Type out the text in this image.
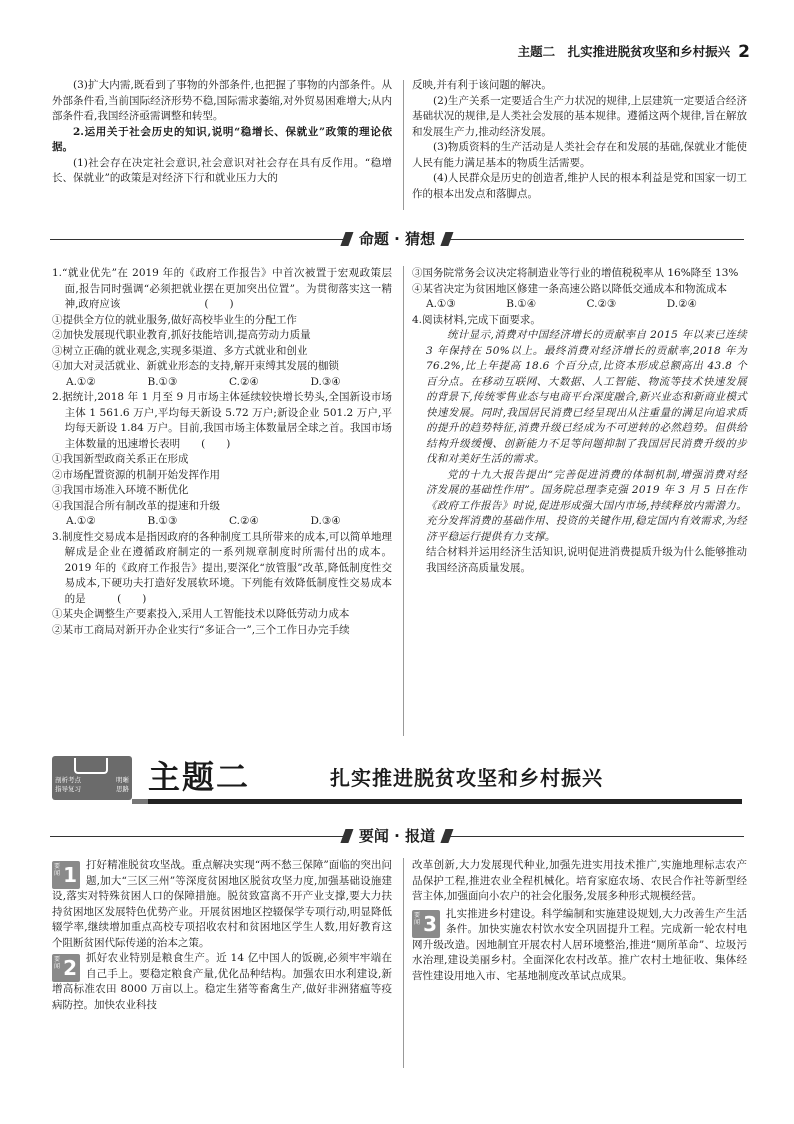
主题二　扎实推进脱贫攻坚和乡村振兴 2

(3)扩大内需,既看到了事物的外部条件,也把握了事物的内部条件。从外部条件看,当前国际经济形势不稳,国际需求萎缩,对外贸易困难增大;从内部条件看,我国经济亟需调整和转型。

2.运用关于社会历史的知识,说明“稳增长、保就业”政策的理论依据。

(1)社会存在决定社会意识,社会意识对社会存在具有反作用。“稳增长、保就业”的政策是对经济下行和就业压力大的

反映,并有利于该问题的解决。

(2)生产关系一定要适合生产力状况的规律,上层建筑一定要适合经济基础状况的规律,是人类社会发展的基本规律。遵循这两个规律,旨在解放和发展生产力,推动经济发展。

(3)物质资料的生产活动是人类社会存在和发展的基础,保就业才能使人民有能力满足基本的物质生活需要。

(4)人民群众是历史的创造者,维护人民的根本利益是党和国家一切工作的根本出发点和落脚点。

命题 · 猜想

1.“就业优先”在 2019 年的《政府工作报告》中首次被置于宏观政策层面,报告同时强调“必须把就业摆在更加突出位置”。为贯彻落实这一精神,政府应该　　　　　　　　(　　)

①提供全方位的就业服务,做好高校毕业生的分配工作

②加快发展现代职业教育,抓好技能培训,提高劳动力质量

③树立正确的就业观念,实现多渠道、多方式就业和创业

④加大对灵活就业、新就业形态的支持,解开束缚其发展的枷锁

A.①②	B.①③	C.②④	D.③④

2.据统计,2018 年 1 月至 9 月市场主体延续较快增长势头,全国新设市场主体 1 561.6 万户,平均每天新设 5.72 万户;新设企业 501.2 万户,平均每天新设 1.84 万户。目前,我国市场主体数量居全球之首。我国市场主体数量的迅速增长表明　　(　　)

①我国新型政商关系正在形成

②市场配置资源的机制开始发挥作用

③我国市场准入环境不断优化

④我国混合所有制改革的提速和升级

A.①②	B.①③	C.②④	D.③④

3.制度性交易成本是指因政府的各种制度工具所带来的成本,可以简单地理解成是企业在遵循政府制定的一系列规章制度时所需付出的成本。2019 年的《政府工作报告》提出,要深化“放管服”改革,降低制度性交易成本,下硬功夫打造好发展软环境。下列能有效降低制度性交易成本的是　　　(　　)

①某央企调整生产要素投入,采用人工智能技术以降低劳动力成本

②某市工商局对新开办企业实行“多证合一”,三个工作日办完手续

③国务院常务会议决定将制造业等行业的增值税税率从 16%降至 13%

④某省决定为贫困地区修建一条高速公路以降低交通成本和物流成本

A.①③	B.①④	C.②③	D.②④

4.阅读材料,完成下面要求。

统计显示,消费对中国经济增长的贡献率自 2015 年以来已连续 3 年保持在 50%以上。最终消费对经济增长的贡献率,2018 年为 76.2%,比上年提高 18.6 个百分点,比资本形成总额高出 43.8 个百分点。在移动互联网、大数据、人工智能、物流等技术快速发展的背景下,传统零售业态与电商平台深度融合,新兴业态和新商业模式快速发展。同时,我国居民消费已经呈现出从注重量的满足向追求质的提升的趋势特征,消费升级已经成为不可逆转的必然趋势。但供给结构升级缓慢、创新能力不足等问题抑制了我国居民消费升级的步伐和对美好生活的需求。

党的十九大报告提出“完善促进消费的体制机制,增强消费对经济发展的基础性作用”。国务院总理李克强 2019 年 3 月 5 日在作《政府工作报告》时说,促进形成强大国内市场,持续释放内需潜力。充分发挥消费的基础作用、投资的关键作用,稳定国内有效需求,为经济平稳运行提供有力支撑。

结合材料并运用经济生活知识,说明促进消费提质升级为什么能够推动我国经济高质量发展。

剖析考点	明晰
指导复习	思路 主题二	扎实推进脱贫攻坚和乡村振兴
要闻 · 报道
要闻 1 打好精准脱贫攻坚战。重点解决实现“两不愁三保障”面临的突出问题,加大“三区三州”等深度贫困地区脱贫攻坚力度,加强基础设施建设,落实对特殊贫困人口的保障措施。脱贫致富离不开产业支撑,要大力扶持贫困地区发展特色优势产业。开展贫困地区控辍保学专项行动,明显降低辍学率,继续增加重点高校专项招收农村和贫困地区学生人数,用好教育这个阻断贫困代际传递的治本之策。
要闻 2 抓好农业特别是粮食生产。近 14 亿中国人的饭碗,必须牢牢端在自己手上。要稳定粮食产量,优化品种结构。加强农田水利建设,新增高标准农田 8000 万亩以上。稳定生猪等畜禽生产,做好非洲猪瘟等疫病防控。加快农业科技

改革创新,大力发展现代种业,加强先进实用技术推广,实施地理标志农产品保护工程,推进农业全程机械化。培育家庭农场、农民合作社等新型经营主体,加强面向小农户的社会化服务,发展多种形式规模经营。

要闻 3 扎实推进乡村建设。科学编制和实施建设规划,大力改善生产生活条件。加快实施农村饮水安全巩固提升工程。完成新一轮农村电网升级改造。因地制宜开展农村人居环境整治,推进“厕所革命”、垃圾污水治理,建设美丽乡村。全面深化农村改革。推广农村土地征收、集体经营性建设用地入市、宅基地制度改革试点成果。
